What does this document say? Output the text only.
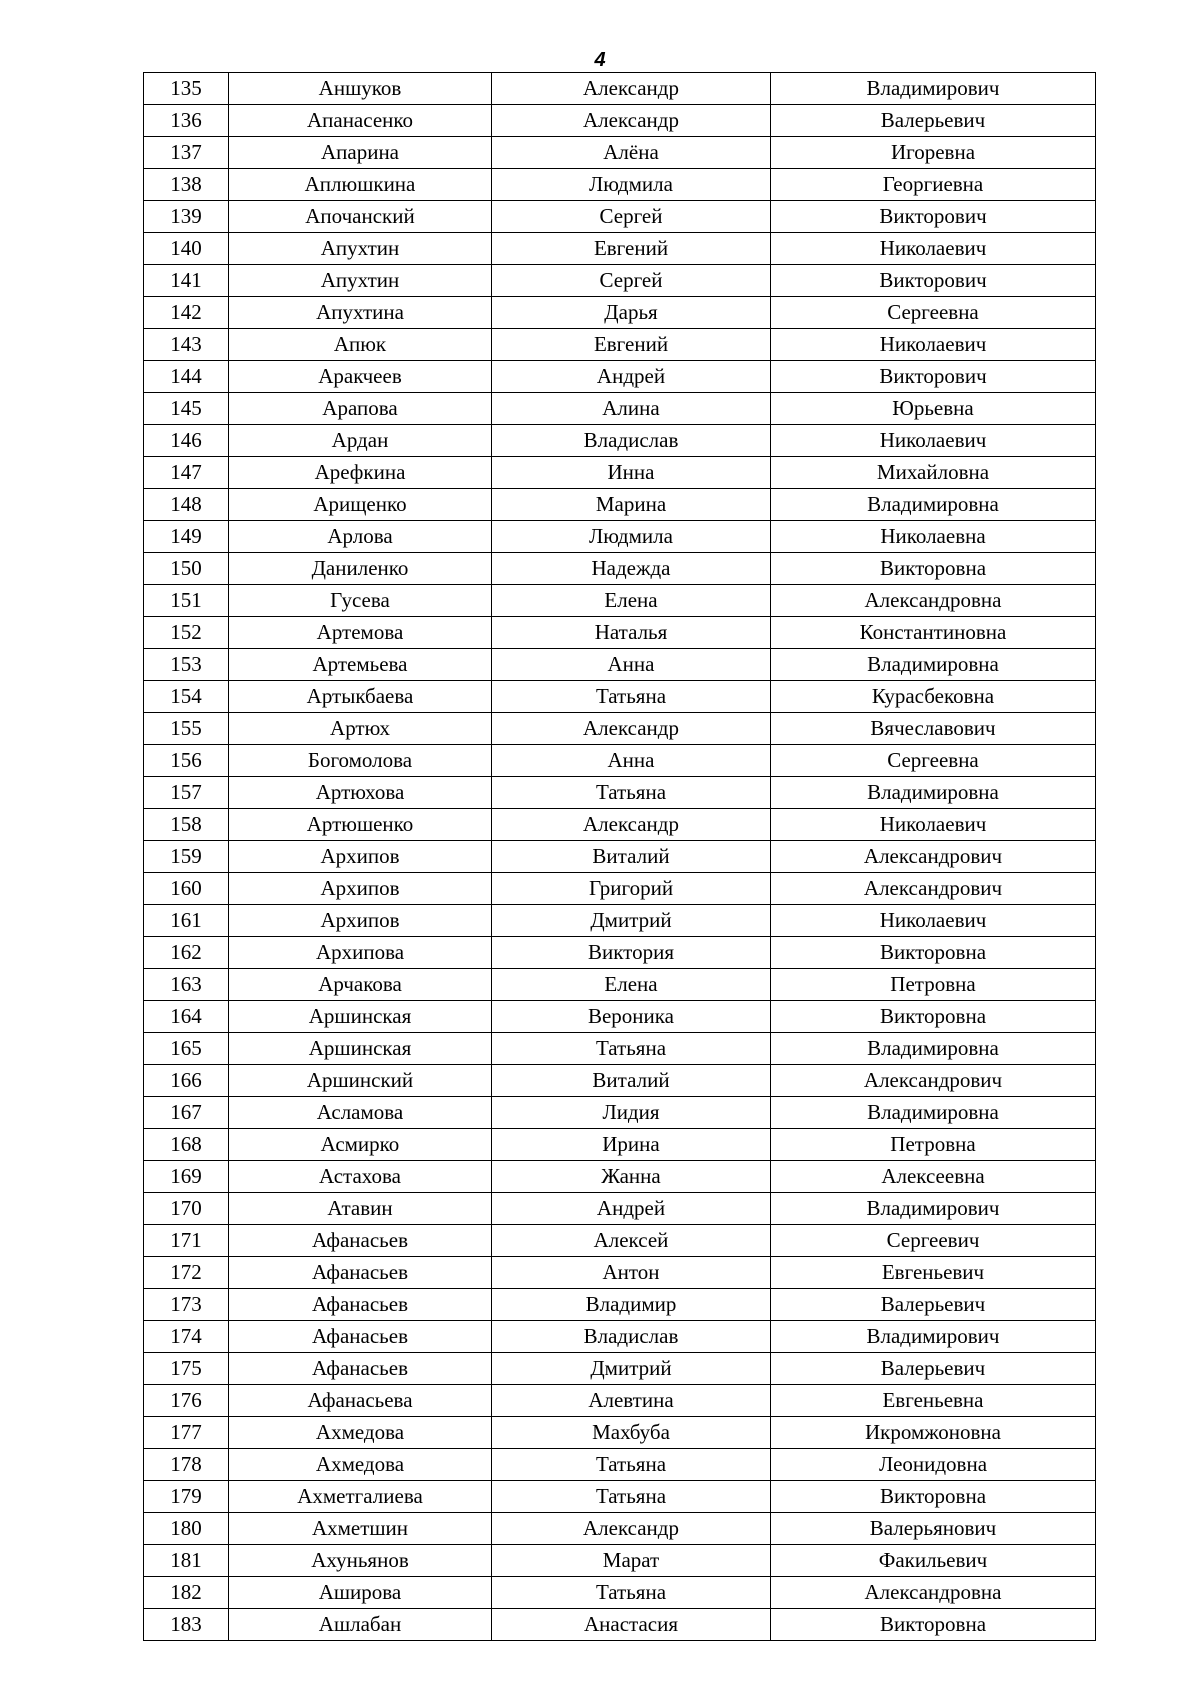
4
135	Аншуков	Александр	Владимирович
136	Апанасенко	Александр	Валерьевич
137	Апарина	Алёна	Игоревна
138	Аплюшкина	Людмила	Георгиевна
139	Апочанский	Сергей	Викторович
140	Апухтин	Евгений	Николаевич
141	Апухтин	Сергей	Викторович
142	Апухтина	Дарья	Сергеевна
143	Апюк	Евгений	Николаевич
144	Аракчеев	Андрей	Викторович
145	Арапова	Алина	Юрьевна
146	Ардан	Владислав	Николаевич
147	Арефкина	Инна	Михайловна
148	Арищенко	Марина	Владимировна
149	Арлова	Людмила	Николаевна
150	Даниленко	Надежда	Викторовна
151	Гусева	Елена	Александровна
152	Артемова	Наталья	Константиновна
153	Артемьева	Анна	Владимировна
154	Артыкбаева	Татьяна	Курасбековна
155	Артюх	Александр	Вячеславович
156	Богомолова	Анна	Сергеевна
157	Артюхова	Татьяна	Владимировна
158	Артюшенко	Александр	Николаевич
159	Архипов	Виталий	Александрович
160	Архипов	Григорий	Александрович
161	Архипов	Дмитрий	Николаевич
162	Архипова	Виктория	Викторовна
163	Арчакова	Елена	Петровна
164	Аршинская	Вероника	Викторовна
165	Аршинская	Татьяна	Владимировна
166	Аршинский	Виталий	Александрович
167	Асламова	Лидия	Владимировна
168	Асмирко	Ирина	Петровна
169	Астахова	Жанна	Алексеевна
170	Атавин	Андрей	Владимирович
171	Афанасьев	Алексей	Сергеевич
172	Афанасьев	Антон	Евгеньевич
173	Афанасьев	Владимир	Валерьевич
174	Афанасьев	Владислав	Владимирович
175	Афанасьев	Дмитрий	Валерьевич
176	Афанасьева	Алевтина	Евгеньевна
177	Ахмедова	Махбуба	Икромжоновна
178	Ахмедова	Татьяна	Леонидовна
179	Ахметгалиева	Татьяна	Викторовна
180	Ахметшин	Александр	Валерьянович
181	Ахуньянов	Марат	Факильевич
182	Аширова	Татьяна	Александровна
183	Ашлабан	Анастасия	Викторовна
